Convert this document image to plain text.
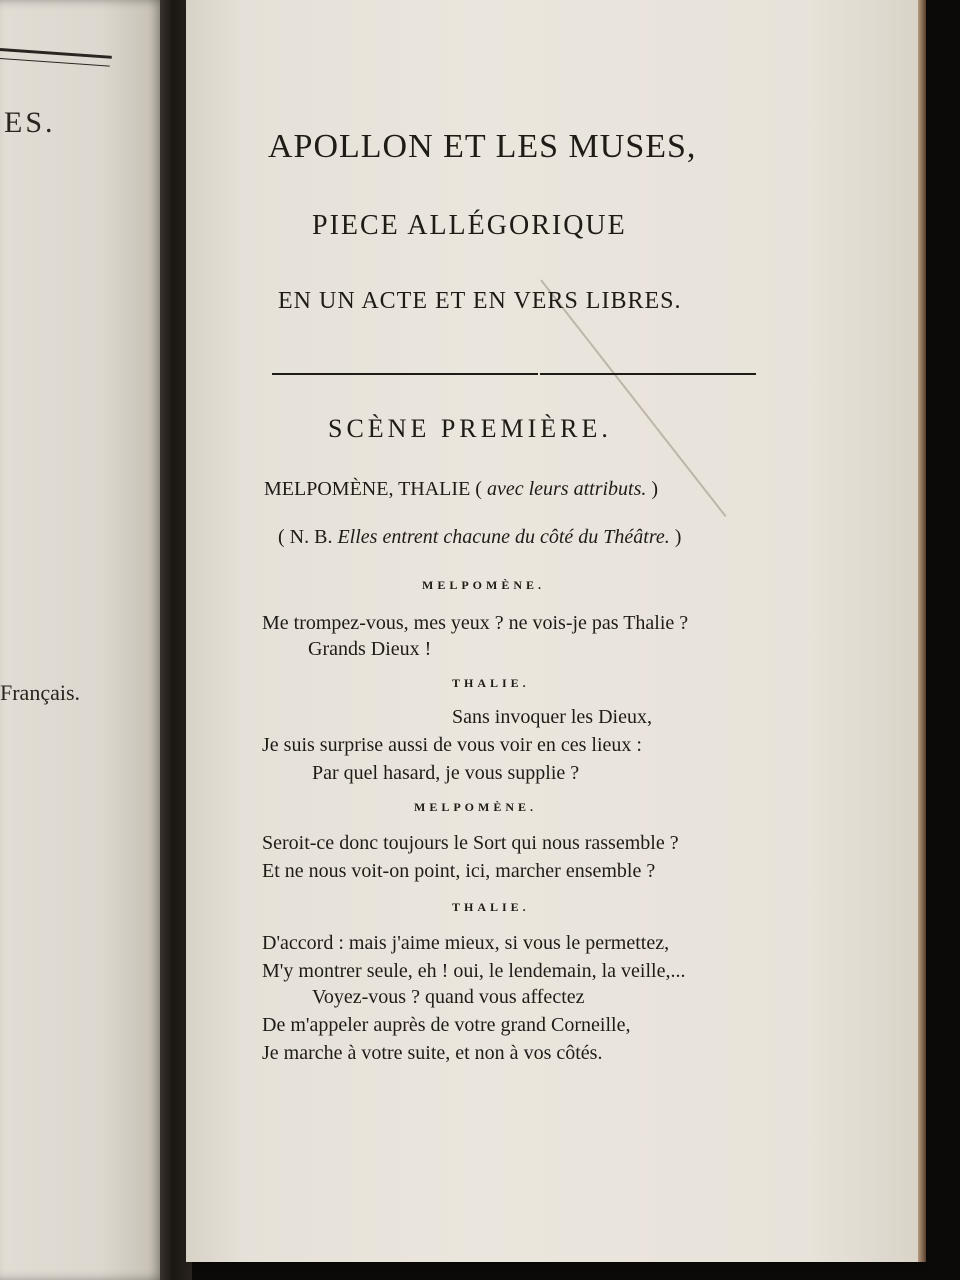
ES.
Français.
APOLLON ET LES MUSES,
PIECE ALLÉGORIQUE
EN UN ACTE ET EN VERS LIBRES.
SCÈNE PREMIÈRE.
MELPOMÈNE, THALIE ( avec leurs attributs. )
( N. B. Elles entrent chacune du côté du Théâtre. )
MELPOMÈNE.
Me trompez-vous, mes yeux ? ne vois-je pas Thalie ?
Grands Dieux !
THALIE.
Sans invoquer les Dieux,
Je suis surprise aussi de vous voir en ces lieux :
Par quel hasard, je vous supplie ?
MELPOMÈNE.
Seroit-ce donc toujours le Sort qui nous rassemble ?
Et ne nous voit-on point, ici, marcher ensemble ?
THALIE.
D'accord : mais j'aime mieux, si vous le permettez,
M'y montrer seule, eh ! oui, le lendemain, la veille,...
Voyez-vous ? quand vous affectez
De m'appeler auprès de votre grand Corneille,
Je marche à votre suite, et non à vos côtés.
